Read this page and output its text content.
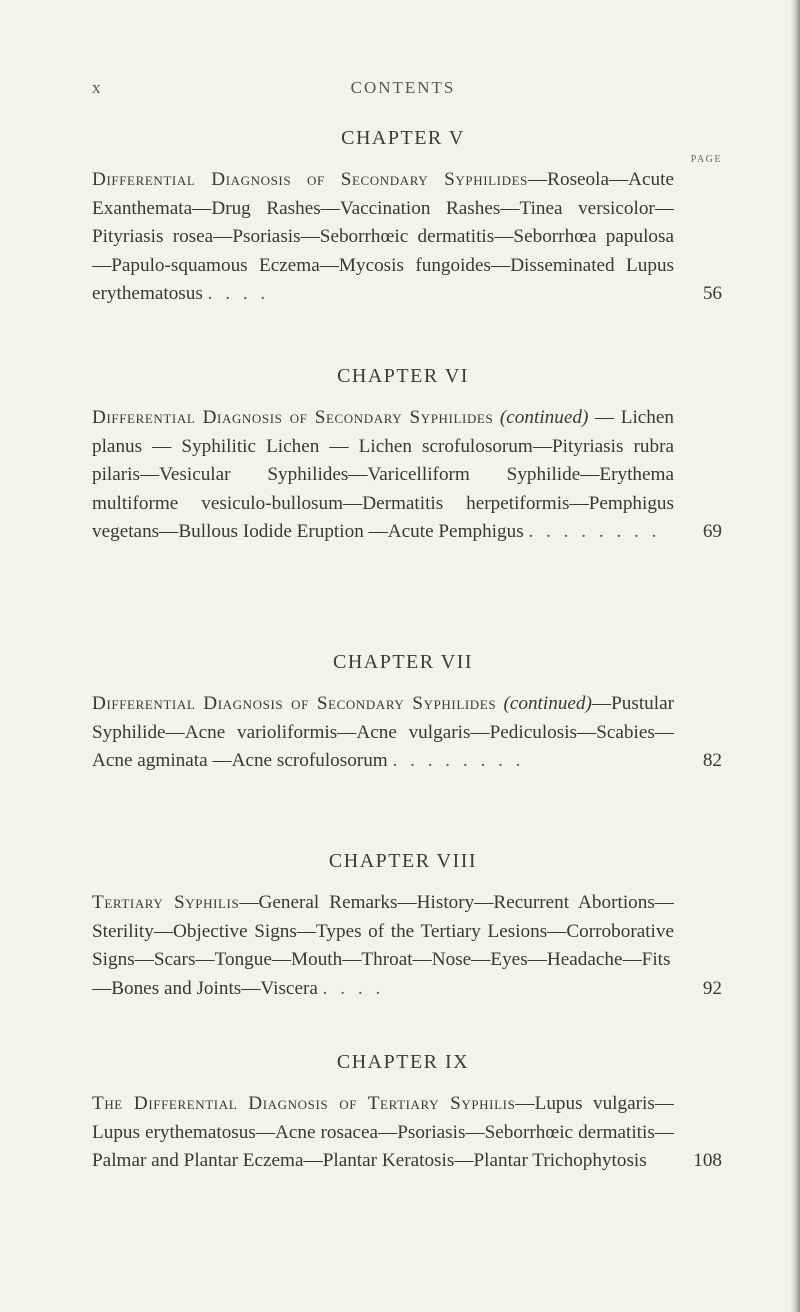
x	CONTENTS
CHAPTER V
PAGE
Differential Diagnosis of Secondary Syphilides—Roseola—Acute Exanthemata—Drug Rashes—Vaccination Rashes—Tinea versicolor—Pityriasis rosea—Psoriasis—Seborrhœic dermatitis—Seborrhœa papulosa—Papulo-squamous Eczema—Mycosis fungoides—Disseminated Lupus erythematosus . . . .	56
CHAPTER VI
Differential Diagnosis of Secondary Syphilides (continued) — Lichen planus — Syphilitic Lichen — Lichen scrofulosorum—Pityriasis rubra pilaris—Vesicular Syphilides—Varicelliform Syphilide—Erythema multiforme vesiculo-bullosum—Dermatitis herpetiformis—Pemphigus vegetans—Bullous Iodide Eruption —Acute Pemphigus . . . . . . . . 69
CHAPTER VII
Differential Diagnosis of Secondary Syphilides (continued)—Pustular Syphilide—Acne varioliformis—Acne vulgaris—Pediculosis—Scabies—Acne agminata —Acne scrofulosorum . . . . . . . .	82
CHAPTER VIII
Tertiary Syphilis—General Remarks—History—Recurrent Abortions—Sterility—Objective Signs—Types of the Tertiary Lesions—Corroborative Signs—Scars—Tongue—Mouth—Throat—Nose—Eyes—Headache—Fits—Bones and Joints—Viscera . . . .	92
CHAPTER IX
The Differential Diagnosis of Tertiary Syphilis—Lupus vulgaris—Lupus erythematosus—Acne rosacea—Psoriasis—Seborrhœic dermatitis—Palmar and Plantar Eczema—Plantar Keratosis—Plantar Trichophytosis 108
